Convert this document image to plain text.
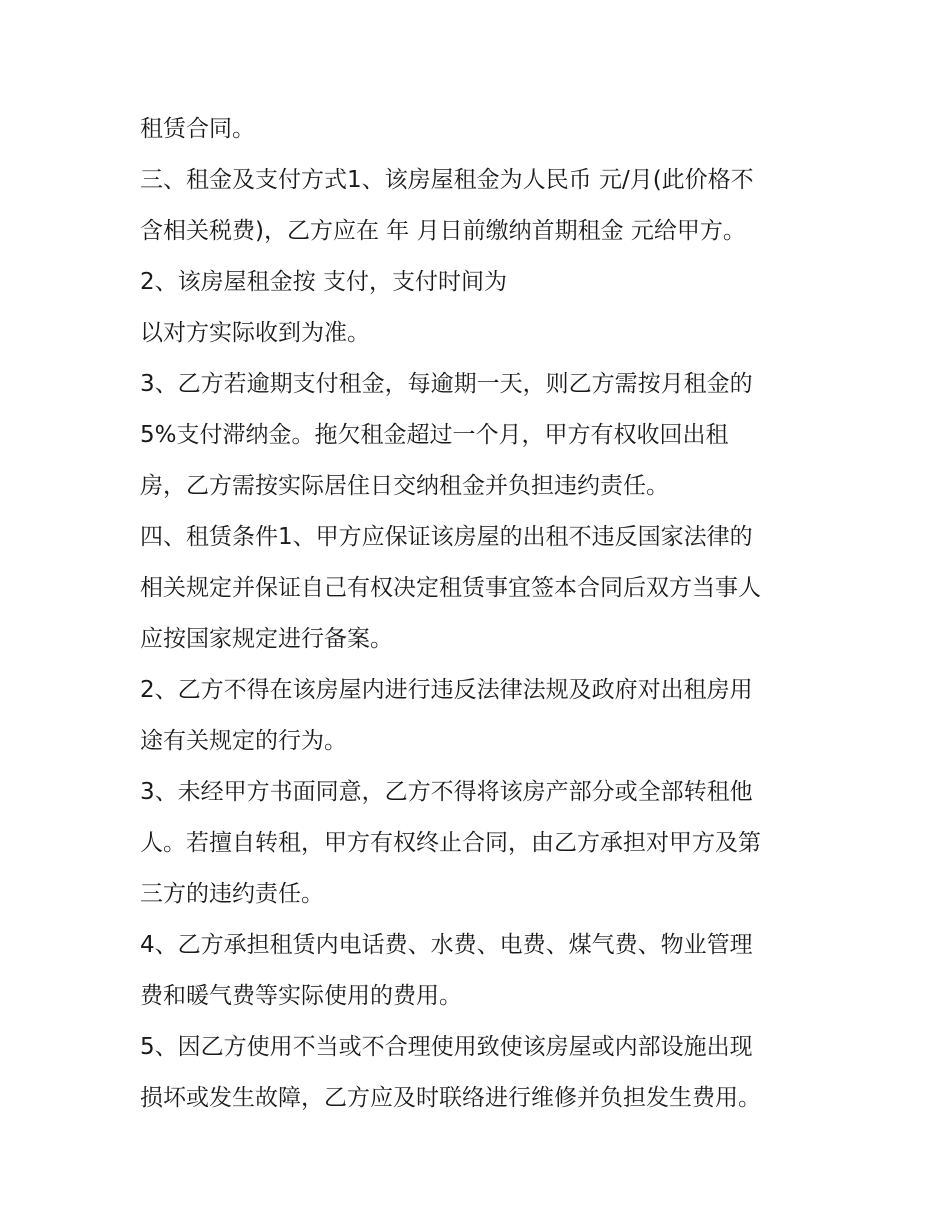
租赁合同。
三、租金及支付方式1、该房屋租金为人民币 元/月(此价格不
含相关税费)，乙方应在 年 月日前缴纳首期租金 元给甲方。
2、该房屋租金按 支付，支付时间为
以对方实际收到为准。
3、乙方若逾期支付租金，每逾期一天，则乙方需按月租金的
5%支付滞纳金。拖欠租金超过一个月，甲方有权收回出租
房，乙方需按实际居住日交纳租金并负担违约责任。
四、租赁条件1、甲方应保证该房屋的出租不违反国家法律的
相关规定并保证自己有权决定租赁事宜签本合同后双方当事人
应按国家规定进行备案。
2、乙方不得在该房屋内进行违反法律法规及政府对出租房用
途有关规定的行为。
3、未经甲方书面同意，乙方不得将该房产部分或全部转租他
人。若擅自转租，甲方有权终止合同，由乙方承担对甲方及第
三方的违约责任。
4、乙方承担租赁内电话费、水费、电费、煤气费、物业管理
费和暖气费等实际使用的费用。
5、因乙方使用不当或不合理使用致使该房屋或内部设施出现
损坏或发生故障，乙方应及时联络进行维修并负担发生费用。
